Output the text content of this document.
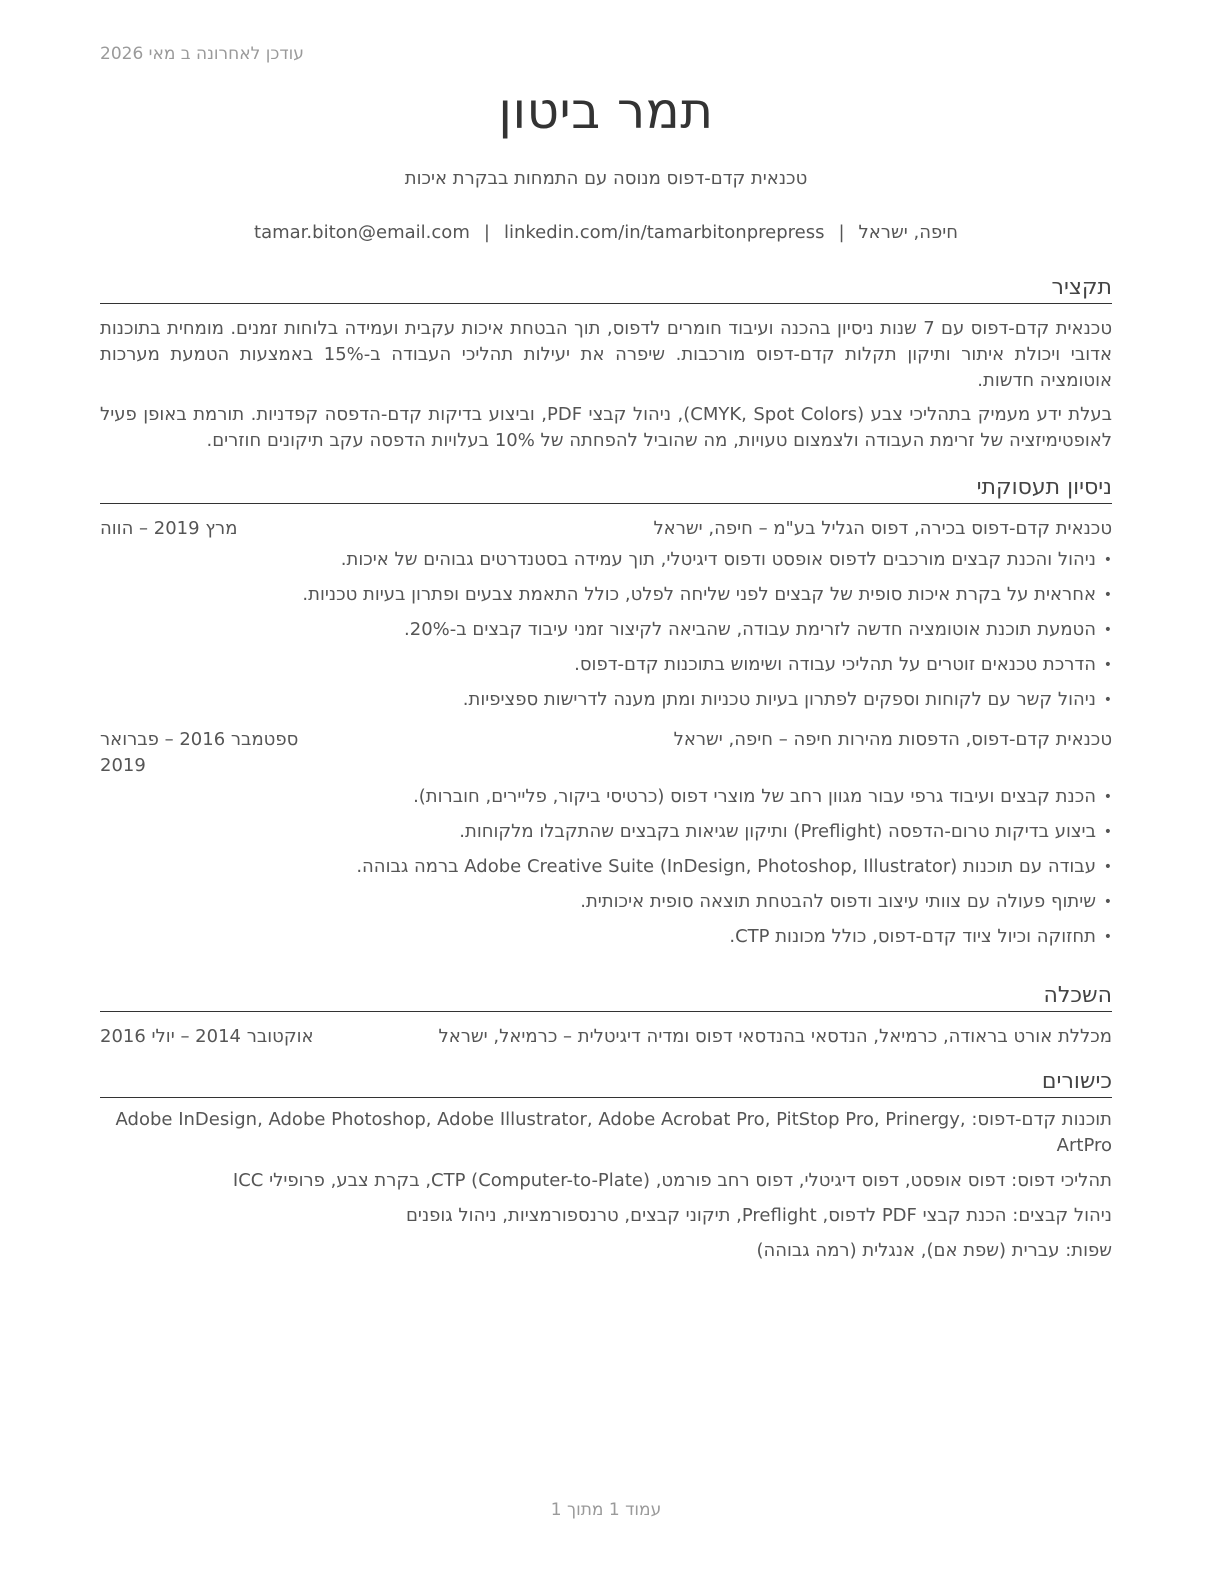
עודכן לאחרונה ב מאי 2026
תמר ביטון
טכנאית קדם-דפוס מנוסה עם התמחות בבקרת איכות
חיפה, ישראל|tamar.biton@email.com | linkedin.com/in/tamarbitonprepress
תקציר

טכנאית קדם-דפוס עם 7 שנות ניסיון בהכנה ועיבוד חומרים לדפוס, תוך הבטחת איכות עקבית ועמידה בלוחות זמנים. מומחית בתוכנות אדובי ויכולת איתור ותיקון תקלות קדם-דפוס מורכבות. שיפרה את יעילות תהליכי העבודה ב-15% באמצעות הטמעת מערכות אוטומציה חדשות.

בעלת ידע מעמיק בתהליכי צבע (CMYK, Spot Colors), ניהול קבצי PDF, וביצוע בדיקות קדם-הדפסה קפדניות. תורמת באופן פעיל לאופטימיזציה של זרימת העבודה ולצמצום טעויות, מה שהוביל להפחתה של 10% בעלויות הדפסה עקב תיקונים חוזרים.

ניסיון תעסוקתי
טכנאית קדם-דפוס בכירה, דפוס הגליל בע"מ – חיפה, ישראל
מרץ 2019 – הווה
• ניהול והכנת קבצים מורכבים לדפוס אופסט ודפוס דיגיטלי, תוך עמידה בסטנדרטים גבוהים של איכות.
• אחראית על בקרת איכות סופית של קבצים לפני שליחה לפלט, כולל התאמת צבעים ופתרון בעיות טכניות.
• הטמעת תוכנת אוטומציה חדשה לזרימת עבודה, שהביאה לקיצור זמני עיבוד קבצים ב-20%.
• הדרכת טכנאים זוטרים על תהליכי עבודה ושימוש בתוכנות קדם-דפוס.
• ניהול קשר עם לקוחות וספקים לפתרון בעיות טכניות ומתן מענה לדרישות ספציפיות.
טכנאית קדם-דפוס, הדפסות מהירות חיפה – חיפה, ישראל
ספטמבר 2016 – פברואר 2019
• הכנת קבצים ועיבוד גרפי עבור מגוון רחב של מוצרי דפוס (כרטיסי ביקור, פליירים, חוברות).
• ביצוע בדיקות טרום-הדפסה (Preflight) ותיקון שגיאות בקבצים שהתקבלו מלקוחות.
• עבודה עם תוכנות Adobe Creative Suite (InDesign, Photoshop, Illustrator) ברמה גבוהה.
• שיתוף פעולה עם צוותי עיצוב ודפוס להבטחת תוצאה סופית איכותית.
• תחזוקה וכיול ציוד קדם-דפוס, כולל מכונות CTP.
השכלה
מכללת אורט בראודה, כרמיאל, הנדסאי בהנדסאי דפוס ומדיה דיגיטלית – כרמיאל, ישראל
אוקטובר 2014 – יולי 2016
כישורים
תוכנות קדם-דפוס: Adobe InDesign, Adobe Photoshop, Adobe Illustrator, Adobe Acrobat Pro, PitStop Pro, Prinergy, ArtPro
תהליכי דפוס: דפוס אופסט, דפוס דיגיטלי, דפוס רחב פורמט, CTP (Computer-to-Plate), בקרת צבע, פרופילי ICC
ניהול קבצים: הכנת קבצי PDF לדפוס, Preflight, תיקוני קבצים, טרנספורמציות, ניהול גופנים
שפות: עברית (שפת אם), אנגלית (רמה גבוהה)
עמוד 1 מתוך 1
